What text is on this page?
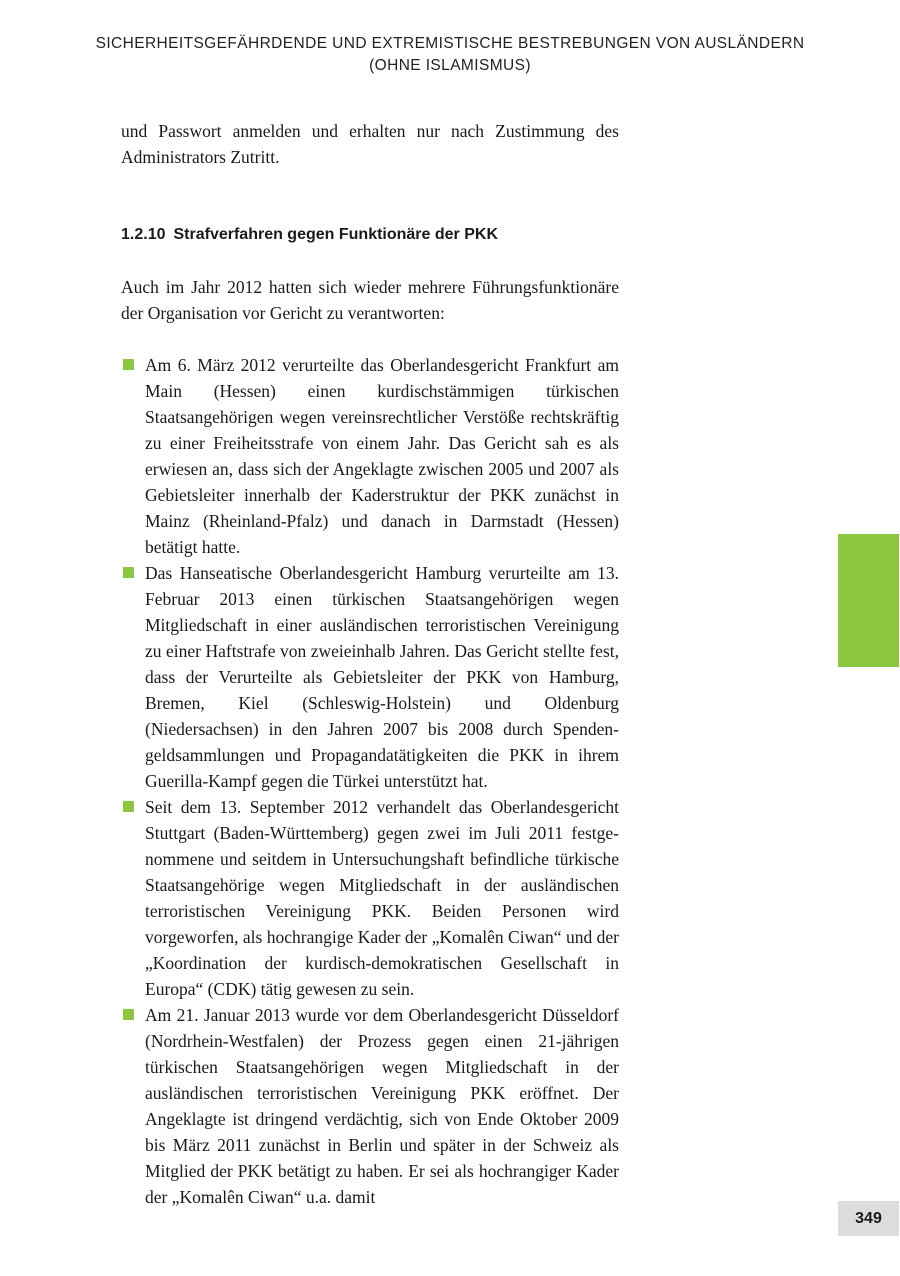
SICHERHEITSGEFÄHRDENDE UND EXTREMISTISCHE BESTREBUNGEN VON AUSLÄNDERN
(OHNE ISLAMISMUS)

und Passwort anmelden und erhalten nur nach Zustimmung des Administrators Zutritt.

1.2.10 Strafverfahren gegen Funktionäre der PKK

Auch im Jahr 2012 hatten sich wieder mehrere Führungsfunktionäre der Organisation vor Gericht zu verantworten:

Am 6. März 2012 verurteilte das Oberlandesgericht Frankfurt am Main (Hessen) einen kurdischstämmigen türkischen Staatsangehörigen wegen vereinsrechtlicher Verstöße rechtskräftig zu einer Freiheitsstrafe von einem Jahr. Das Gericht sah es als erwiesen an, dass sich der Angeklagte zwischen 2005 und 2007 als Gebietsleiter innerhalb der Kaderstruktur der PKK zunächst in Mainz (Rheinland-Pfalz) und danach in Darmstadt (Hessen) betätigt hatte.
Das Hanseatische Oberlandesgericht Hamburg verurteilte am 13. Februar 2013 einen türkischen Staatsangehörigen wegen Mitgliedschaft in einer ausländischen terroristischen Vereinigung zu einer Haftstrafe von zweieinhalb Jahren. Das Gericht stellte fest, dass der Verurteilte als Gebietsleiter der PKK von Hamburg, Bremen, Kiel (Schleswig-Holstein) und Oldenburg (Niedersachsen) in den Jahren 2007 bis 2008 durch Spendengeldsammlungen und Propagandatätigkeiten die PKK in ihrem Guerilla-Kampf gegen die Türkei unterstützt hat.
Seit dem 13. September 2012 verhandelt das Oberlandesgericht Stuttgart (Baden-Württemberg) gegen zwei im Juli 2011 festgenommene und seitdem in Untersuchungshaft befindliche türkische Staatsangehörige wegen Mitgliedschaft in der ausländischen terroristischen Vereinigung PKK. Beiden Personen wird vorgeworfen, als hochrangige Kader der „Komalên Ciwan“ und der „Koordination der kurdisch-demokratischen Gesellschaft in Europa“ (CDK) tätig gewesen zu sein.
Am 21. Januar 2013 wurde vor dem Oberlandesgericht Düsseldorf (Nordrhein-Westfalen) der Prozess gegen einen 21-jährigen türkischen Staatsangehörigen wegen Mitgliedschaft in der ausländischen terroristischen Vereinigung PKK eröffnet. Der Angeklagte ist dringend verdächtig, sich von Ende Oktober 2009 bis März 2011 zunächst in Berlin und später in der Schweiz als Mitglied der PKK betätigt zu haben. Er sei als hochrangiger Kader der „Komalên Ciwan“ u.a. damit
349
